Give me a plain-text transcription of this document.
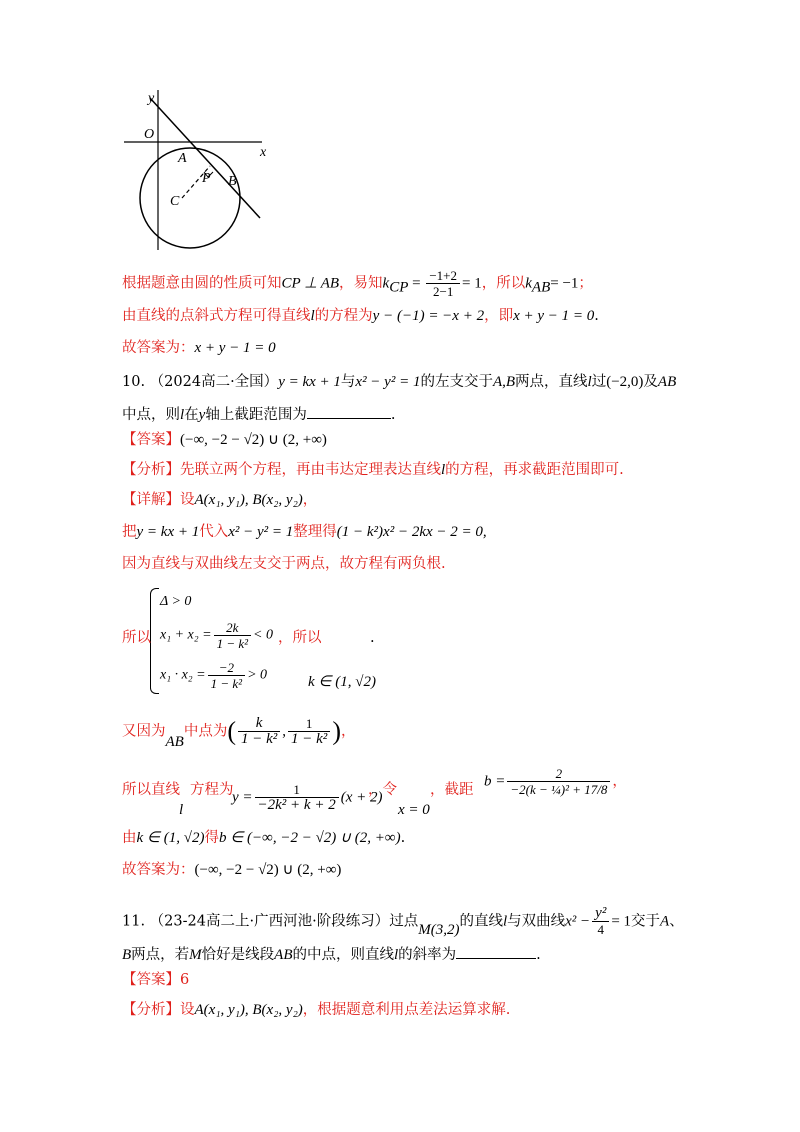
y
x
O
A
P B
C
根据题意由圆的性质可知CP ⊥ AB，易知$k_{CP} = \frac{-1+2}{2-1} = 1$，所以$k_{AB}= -1$；
由直线的点斜式方程可得直线l的方程为y − (−1) = −x + 2，即x + y − 1 = 0.
故答案为：x + y − 1 = 0
10. （2024高二·全国）y = kx + 1与x² − y² = 1的左支交于A,B两点，直线l过(−2,0)及AB
中点，则l在y轴上截距范围为	.
【答案】(−∞, −2 − √2) ∪ (2, +∞)
【分析】先联立两个方程，再由韦达定理表达直线l的方程，再求截距范围即可.
【详解】设A(x₁, y₁), B(x₂, y₂)，
把y = kx + 1代入x² − y² = 1整理得(1 − k²)x² − 2kx − 2 = 0,
因为直线与双曲线左支交于两点，故方程有两负根.
Δ > 0
$x_1 + x_2 = \frac{2k}{\text{1 − k²}} < 0$
$x_1 \cdot x_2 = \frac{-2}{\text{1 − k²}} > 0$
所以	，所以	.
k ∈ (1, √2)
又因为AB中点为( $\frac{k}{\text{1 − k²}}$ , $\frac{1}{\text{1 − k²}}$ )，
所以直线 方程为
l
$y = \frac{1}{\text{−2k² + k + 2}} (x + 2)$
，令
x = 0
，截距
$b = \frac{2}{\text{−2(k − ¼)² + 17/8}}$ ，
由k ∈ (1, √2)得b ∈ (−∞, −2 − √2) ∪ (2, +∞).
故答案为：(−∞, −2 − √2) ∪ (2, +∞)
11. （23-24高二上·广西河池·阶段练习）过点M(3,2)的直线l与双曲线$x^2 - \frac{\text{y²}}{4} = 1$交于A、
B两点，若M恰好是线段AB的中点，则直线l的斜率为	.
【答案】6
【分析】设A(x₁, y₁), B(x₂, y₂)，根据题意利用点差法运算求解.
